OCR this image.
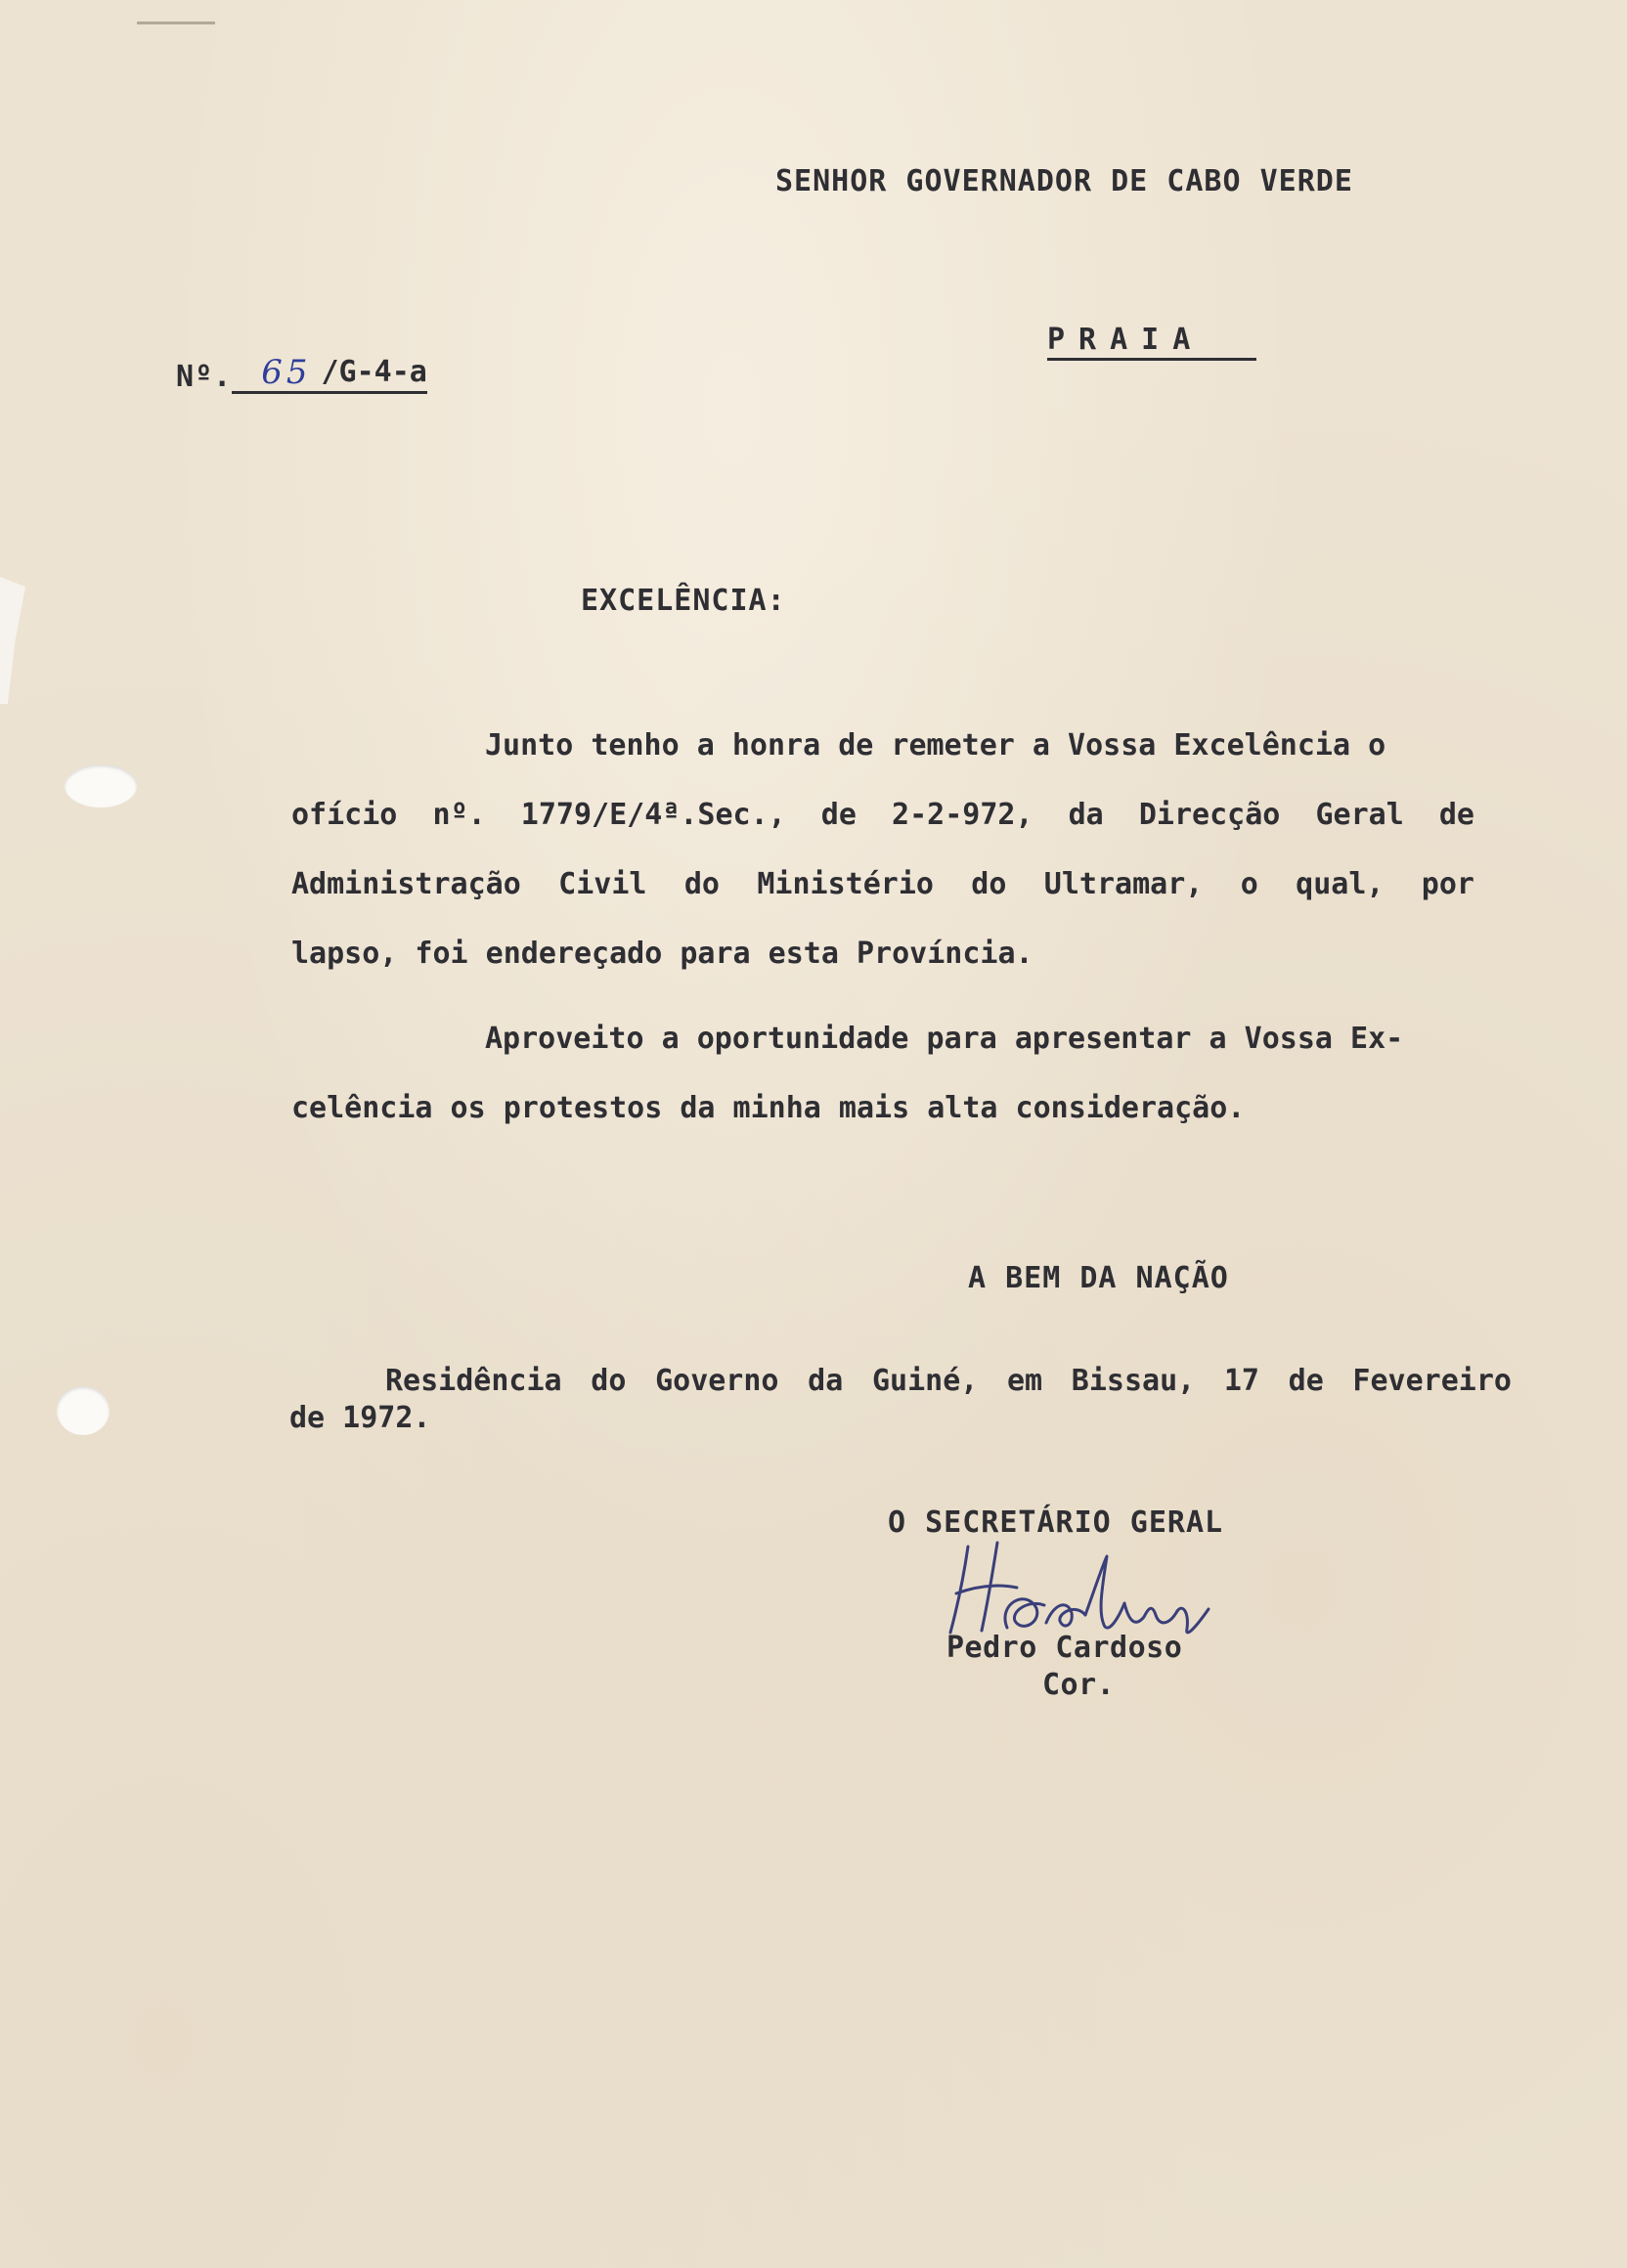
SENHOR GOVERNADOR DE CABO VERDE
PRAIA
Nº. 65 /G-4-a
EXCELÊNCIA:
Junto tenho a honra de remeter a Vossa Excelência o
ofício nº. 1779/E/4ª.Sec., de 2-2-972, da Direcção Geral de
Administração Civil do Ministério do Ultramar, o qual, por
lapso, foi endereçado para esta Província.
Aproveito a oportunidade para apresentar a Vossa Ex-
celência os protestos da minha mais alta consideração.
A BEM DA NAÇÃO
Residência do Governo da Guiné, em Bissau, 17 de Fevereiro
de 1972.
O SECRETÁRIO GERAL
Pedro Cardoso
Cor.
